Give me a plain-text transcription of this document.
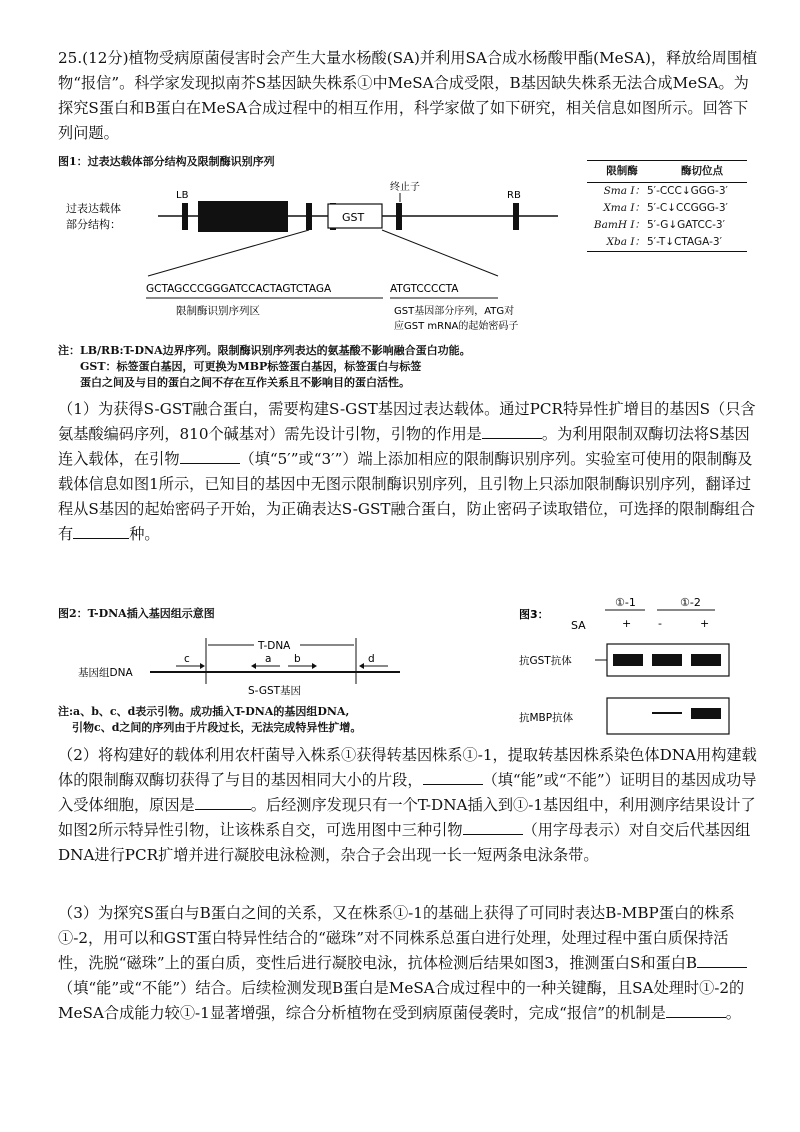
25.(12分)植物受病原菌侵害时会产生大量水杨酸(SA)并利用SA合成水杨酸甲酯(MeSA)，释放给周围植物“报信”。科学家发现拟南芥S基因缺失株系①中MeSA合成受限，B基因缺失株系无法合成MeSA。为探究S蛋白和B蛋白在MeSA合成过程中的相互作用，科学家做了如下研究，相关信息如图所示。回答下列问题。
图1：过表达载体部分结构及限制酶识别序列
过表达载体
部分结构：
LB
GST
终止子
RB
GCTAGCCCGGGATCCACTAGTCTAGA	ATGTCCCCTA
限制酶识别序列区	GST基因部分序列，ATG对
应GST mRNA的起始密码子
限制酶	酶切位点
Sma I： 5′-CCC↓GGG-3′
Xma I： 5′-C↓CCGGG-3′
BamH I： 5′-G↓GATCC-3′
Xba I： 5′-T↓CTAGA-3′
注：LB/RB:T-DNA边界序列。限制酶识别序列表达的氨基酸不影响融合蛋白功能。
GST：标签蛋白基因，可更换为MBP标签蛋白基因，标签蛋白与标签
蛋白之间及与目的蛋白之间不存在互作关系且不影响目的蛋白活性。
（1）为获得S-GST融合蛋白，需要构建S-GST基因过表达载体。通过PCR特异性扩增目的基因S（只含氨基酸编码序列，810个碱基对）需先设计引物，引物的作用是	。为利用限制双酶切法将S基因连入载体，在引物	（填“5′”或“3′”）端上添加相应的限制酶识别序列。实验室可使用的限制酶及载体信息如图1所示，已知目的基因中无图示限制酶识别序列，且引物上只添加限制酶识别序列，翻译过程从S基因的起始密码子开始，为正确表达S-GST融合蛋白，防止密码子读取错位，可选择的限制酶组合有	种。
图2：T-DNA插入基因组示意图
基因组DNA
T-DNA
c	a b	d
S-GST基因
注:a、b、c、d表示引物。成功插入T-DNA的基因组DNA,
引物c、d之间的序列由于片段过长，无法完成特异性扩增。
图3：
①-1	①-2
SA	+ -	+
抗GST抗体
抗MBP抗体
（2）将构建好的载体利用农杆菌导入株系①获得转基因株系①-1，提取转基因株系染色体DNA用构建载体的限制酶双酶切获得了与目的基因相同大小的片段，	（填“能”或“不能”）证明目的基因成功导入受体细胞，原因是	。后经测序发现只有一个T-DNA插入到①-1基因组中，利用测序结果设计了如图2所示特异性引物，让该株系自交，可选用图中三种引物	（用字母表示）对自交后代基因组DNA进行PCR扩增并进行凝胶电泳检测，杂合子会出现一长一短两条电泳条带。
（3）为探究S蛋白与B蛋白之间的关系，又在株系①-1的基础上获得了可同时表达B-MBP蛋白的株系①-2，用可以和GST蛋白特异性结合的“磁珠”对不同株系总蛋白进行处理，处理过程中蛋白质保持活性，洗脱“磁珠”上的蛋白质，变性后进行凝胶电泳，抗体检测后结果如图3，推测蛋白S和蛋白B（填“能”或“不能”）结合。后续检测发现B蛋白是MeSA合成过程中的一种关键酶，且SA处理时①-2的MeSA合成能力较①-1显著增强，综合分析植物在受到病原菌侵袭时，完成“报信”的机制是	。
